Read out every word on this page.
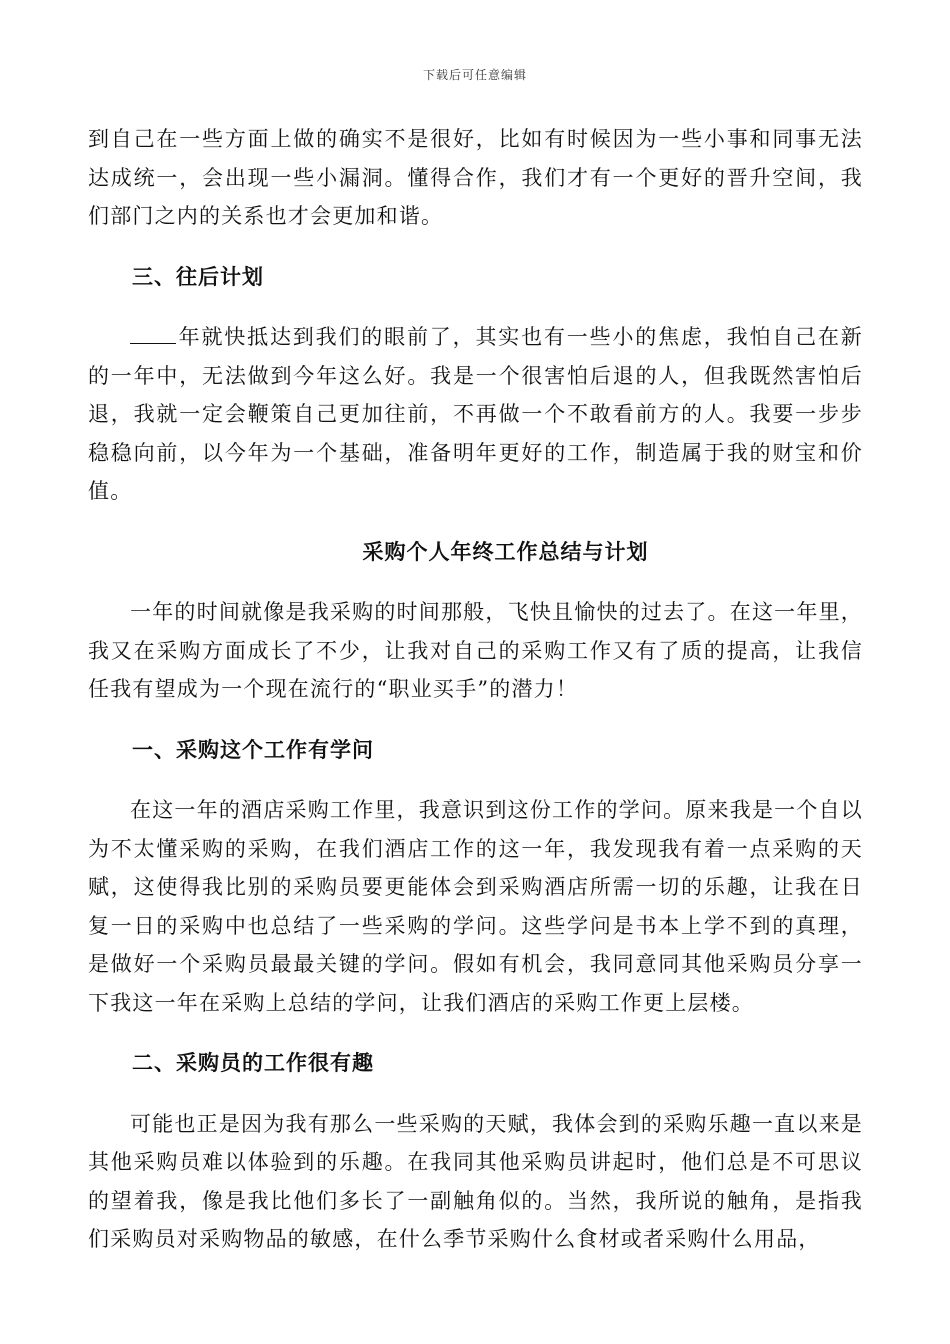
下载后可任意编辑

到自己在一些方面上做的确实不是很好，比如有时候因为一些小事和同事无法达成统一，会出现一些小漏洞。懂得合作，我们才有一个更好的晋升空间，我们部门之内的关系也才会更加和谐。

三、往后计划

年就快抵达到我们的眼前了，其实也有一些小的焦虑，我怕自己在新的一年中，无法做到今年这么好。我是一个很害怕后退的人，但我既然害怕后退，我就一定会鞭策自己更加往前，不再做一个不敢看前方的人。我要一步步稳稳向前，以今年为一个基础，准备明年更好的工作，制造属于我的财宝和价值。

采购个人年终工作总结与计划

一年的时间就像是我采购的时间那般，飞快且愉快的过去了。在这一年里，我又在采购方面成长了不少，让我对自己的采购工作又有了质的提高，让我信任我有望成为一个现在流行的“职业买手”的潜力！

一、采购这个工作有学问

在这一年的酒店采购工作里，我意识到这份工作的学问。原来我是一个自以为不太懂采购的采购，在我们酒店工作的这一年，我发现我有着一点采购的天赋，这使得我比别的采购员要更能体会到采购酒店所需一切的乐趣，让我在日复一日的采购中也总结了一些采购的学问。这些学问是书本上学不到的真理，是做好一个采购员最最关键的学问。假如有机会，我同意同其他采购员分享一下我这一年在采购上总结的学问，让我们酒店的采购工作更上层楼。

二、采购员的工作很有趣

可能也正是因为我有那么一些采购的天赋，我体会到的采购乐趣一直以来是其他采购员难以体验到的乐趣。在我同其他采购员讲起时，他们总是不可思议的望着我，像是我比他们多长了一副触角似的。当然，我所说的触角，是指我们采购员对采购物品的敏感，在什么季节采购什么食材或者采购什么用品，
